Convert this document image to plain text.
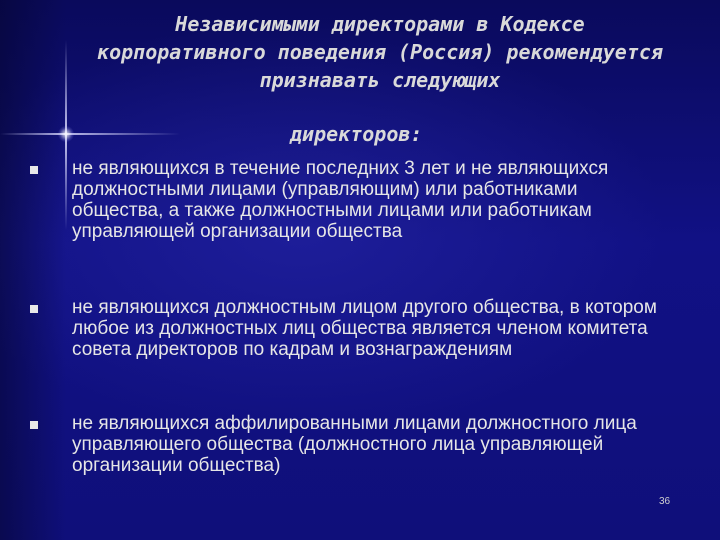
Независимыми директорами в Кодексе корпоративного поведения (Россия) рекомендуется признавать следующих
директоров:
не являющихся в течение последних 3 лет и не являющихся должностными лицами (управляющим) или работниками общества, а также должностными лицами или работникам управляющей организации общества
не являющихся должностным лицом другого общества, в котором любое из должностных лиц общества является членом комитета совета директоров по кадрам и вознаграждениям
не являющихся аффилированными лицами должностного лица управляющего общества (должностного лица управляющей организации общества)
36
